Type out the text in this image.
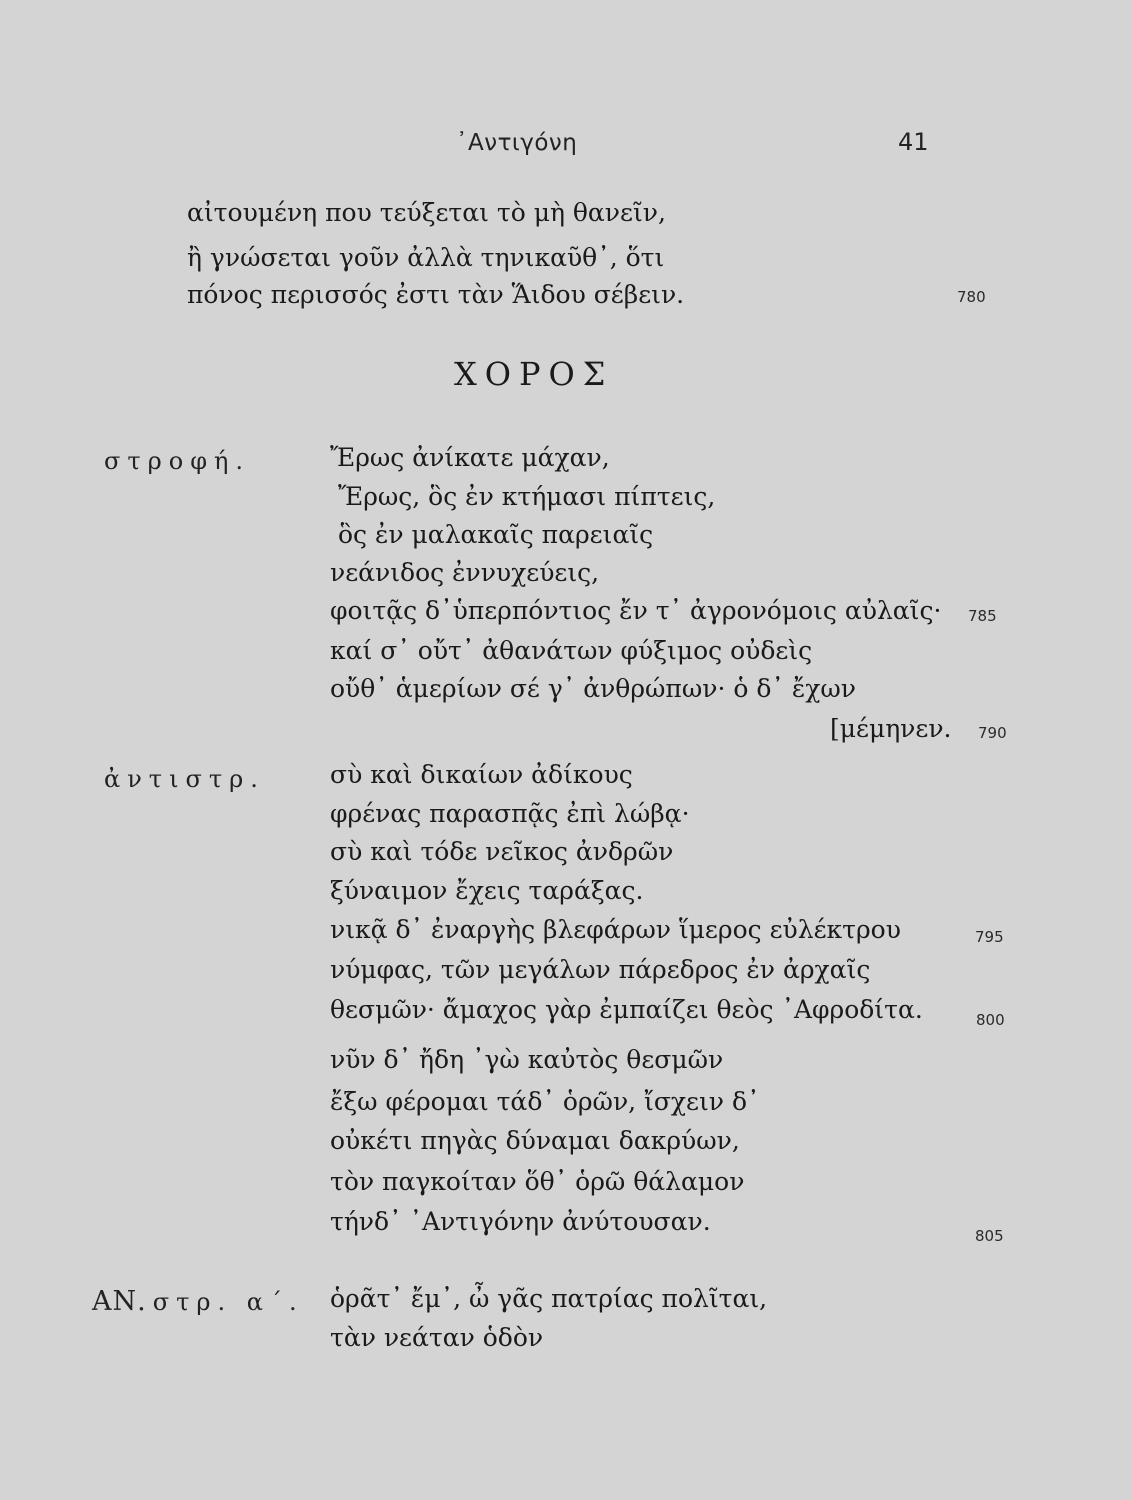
᾿Αντιγόνη	41
αἰτουμένη που τεύξεται τὸ μὴ θανεῖν,
ἢ γνώσεται γοῦν ἀλλὰ τηνικαῦθ᾿, ὅτι
πόνος περισσός ἐστι τὰν Ἅιδου σέβειν.	780
ΧΟΡΟΣ
στροφή.	Ἔρως ἀνίκατε μάχαν,
Ἔρως, ὃς ἐν κτήμασι πίπτεις,
ὃς ἐν μαλακαῖς παρειαῖς
νεάνιδος ἐννυχεύεις,
φοιτᾷς δ᾿ὑπερπόντιος ἔν τ᾿ ἀγρονόμοις αὐλαῖς· 785
καί σ᾿ οὔτ᾿ ἀθανάτων φύξιμος οὐδεὶς
οὔθ᾿ ἁμερίων σέ γ᾿ ἀνθρώπων· ὁ δ᾿ ἔχων
[μέμηνεν. 790
ἀντιστρ.	σὺ καὶ δικαίων ἀδίκους
φρένας παρασπᾷς ἐπὶ λώβᾳ·
σὺ καὶ τόδε νεῖκος ἀνδρῶν
ξύναιμον ἔχεις ταράξας.
νικᾷ δ᾿ ἐναργὴς βλεφάρων ἵμερος εὐλέκτρου	795
νύμφας, τῶν μεγάλων πάρεδρος ἐν ἀρχαῖς
θεσμῶν· ἄμαχος γὰρ ἐμπαίζει θεὸς ᾿Αφροδίτα.	800
νῦν δ᾿ ἤδη ᾿γὼ καὐτὸς θεσμῶν
ἔξω φέρομαι τάδ᾿ ὁρῶν, ἴσχειν δ᾿
οὐκέτι πηγὰς δύναμαι δακρύων,
τὸν παγκοίταν ὅθ᾿ ὁρῶ θάλαμον
τήνδ᾿ ᾿Αντιγόνην ἀνύτουσαν.	805
ΑΝ. στρ. α΄. ὁρᾶτ᾿ ἔμ᾿, ὦ γᾶς πατρίας πολῖται,
τὰν νεάταν ὁδὸν
